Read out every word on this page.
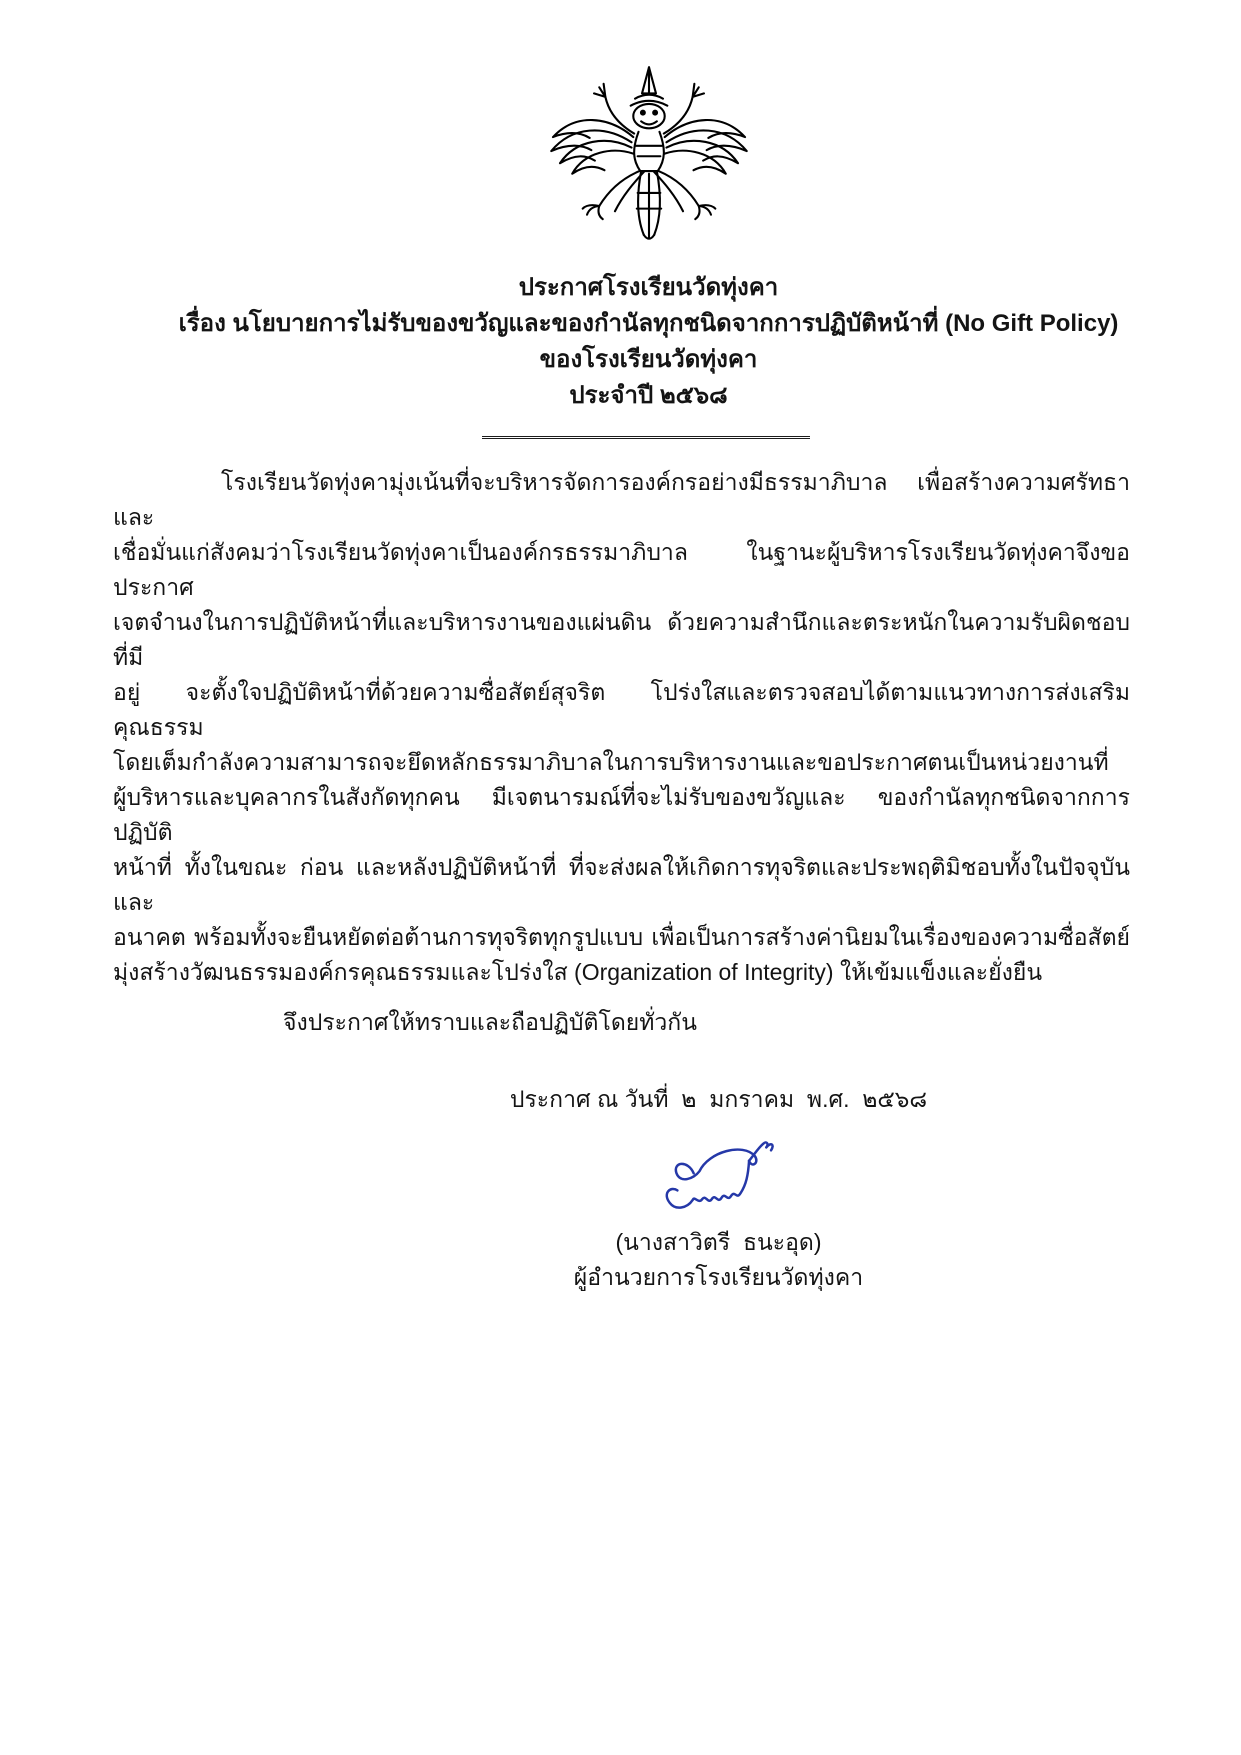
ประกาศโรงเรียนวัดทุ่งคา
เรื่อง นโยบายการไม่รับของขวัญและของกำนัลทุกชนิดจากการปฏิบัติหน้าที่ (No Gift Policy)
ของโรงเรียนวัดทุ่งคา
ประจำปี ๒๕๖๘
โรงเรียนวัดทุ่งคามุ่งเน้นที่จะบริหารจัดการองค์กรอย่างมีธรรมาภิบาล เพื่อสร้างความศรัทธาและ
เชื่อมั่นแก่สังคมว่าโรงเรียนวัดทุ่งคาเป็นองค์กรธรรมาภิบาล ในฐานะผู้บริหารโรงเรียนวัดทุ่งคาจึงขอประกาศ
เจตจำนงในการปฏิบัติหน้าที่และบริหารงานของแผ่นดิน ด้วยความสำนึกและตระหนักในความรับผิดชอบที่มี
อยู่ จะตั้งใจปฏิบัติหน้าที่ด้วยความซื่อสัตย์สุจริต โปร่งใสและตรวจสอบได้ตามแนวทางการส่งเสริมคุณธรรม
โดยเต็มกำลังความสามารถจะยึดหลักธรรมาภิบาลในการบริหารงานและขอประกาศตนเป็นหน่วยงานที่
ผู้บริหารและบุคลากรในสังกัดทุกคน มีเจตนารมณ์ที่จะไม่รับของขวัญและ ของกำนัลทุกชนิดจากการปฏิบัติ
หน้าที่ ทั้งในขณะ ก่อน และหลังปฏิบัติหน้าที่ ที่จะส่งผลให้เกิดการทุจริตและประพฤติมิชอบทั้งในปัจจุบันและ
อนาคต พร้อมทั้งจะยืนหยัดต่อต้านการทุจริตทุกรูปแบบ เพื่อเป็นการสร้างค่านิยมในเรื่องของความซื่อสัตย์
มุ่งสร้างวัฒนธรรมองค์กรคุณธรรมและโปร่งใส (Organization of Integrity) ให้เข้มแข็งและยั่งยืน
จึงประกาศให้ทราบและถือปฏิบัติโดยทั่วกัน
ประกาศ ณ วันที่  ๒  มกราคม  พ.ศ.  ๒๕๖๘
(นางสาวิตรี  ธนะอุด)
ผู้อำนวยการโรงเรียนวัดทุ่งคา
